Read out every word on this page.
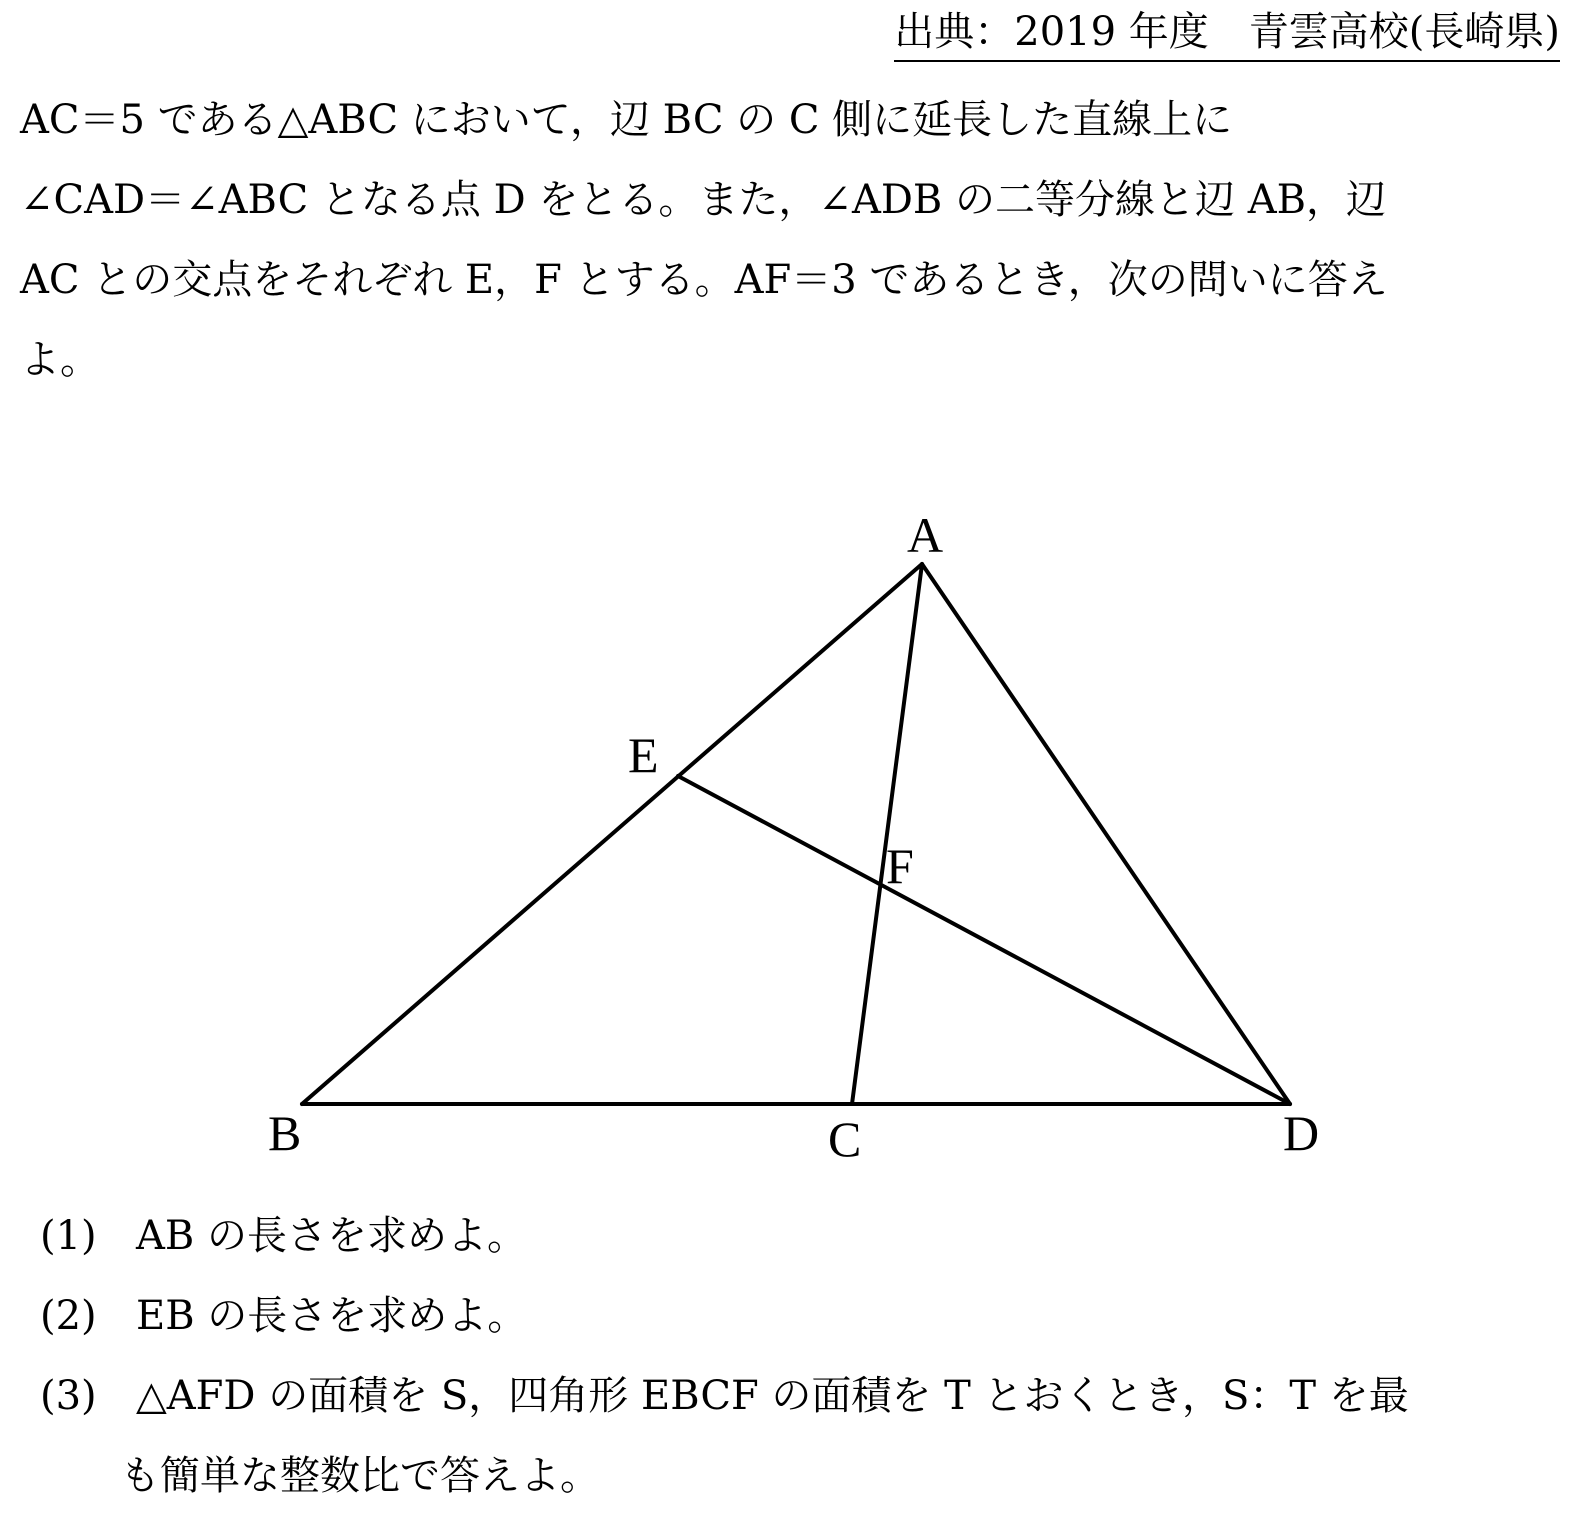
出典：2019 年度　青雲高校(長崎県)

AC＝5 である△ABC において，辺 BC の C 側に延長した直線上に

∠CAD＝∠ABC となる点 D をとる。また，∠ADB の二等分線と辺 AB，辺

AC との交点をそれぞれ E，F とする。AF＝3 であるとき，次の問いに答え

よ。

A
E
F
B	C	D
(1) AB の長さを求めよ。
(2) EB の長さを求めよ。
(3) △AFD の面積を S，四角形 EBCF の面積を T とおくとき，S：T を最
も簡単な整数比で答えよ。
